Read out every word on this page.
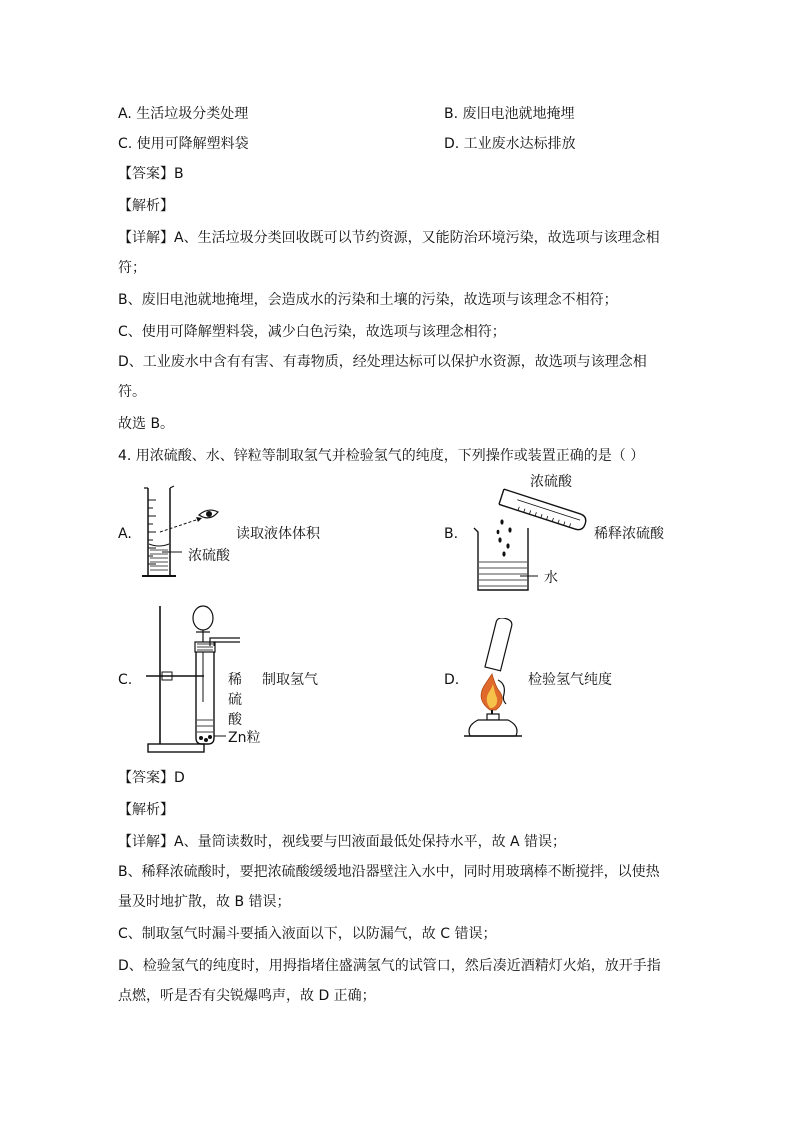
A. 生活垃圾分类处理	B. 废旧电池就地掩埋
C. 使用可降解塑料袋	D. 工业废水达标排放
【答案】B
【解析】
【详解】A、生活垃圾分类回收既可以节约资源，又能防治环境污染，故选项与该理念相
符；
B、废旧电池就地掩埋，会造成水的污染和土壤的污染，故选项与该理念不相符；
C、使用可降解塑料袋，减少白色污染，故选项与该理念相符；
D、工业废水中含有有害、有毒物质，经处理达标可以保护水资源，故选项与该理念相
符。
故选 B。
4. 用浓硫酸、水、锌粒等制取氢气并检验氢气的纯度，下列操作或装置正确的是（ ）
A.
浓硫酸
读取液体体积	B.
浓硫酸
稀释浓硫酸
水
C.	稀
硫
酸
Zn粒
制取氢气	D.	检验氢气纯度
【答案】D
【解析】
【详解】A、量筒读数时，视线要与凹液面最低处保持水平，故 A 错误；
B、稀释浓硫酸时，要把浓硫酸缓缓地沿器壁注入水中，同时用玻璃棒不断搅拌，以使热
量及时地扩散，故 B 错误；
C、制取氢气时漏斗要插入液面以下，以防漏气，故 C 错误；
D、检验氢气的纯度时，用拇指堵住盛满氢气的试管口，然后凑近酒精灯火焰，放开手指
点燃，听是否有尖锐爆鸣声，故 D 正确；
